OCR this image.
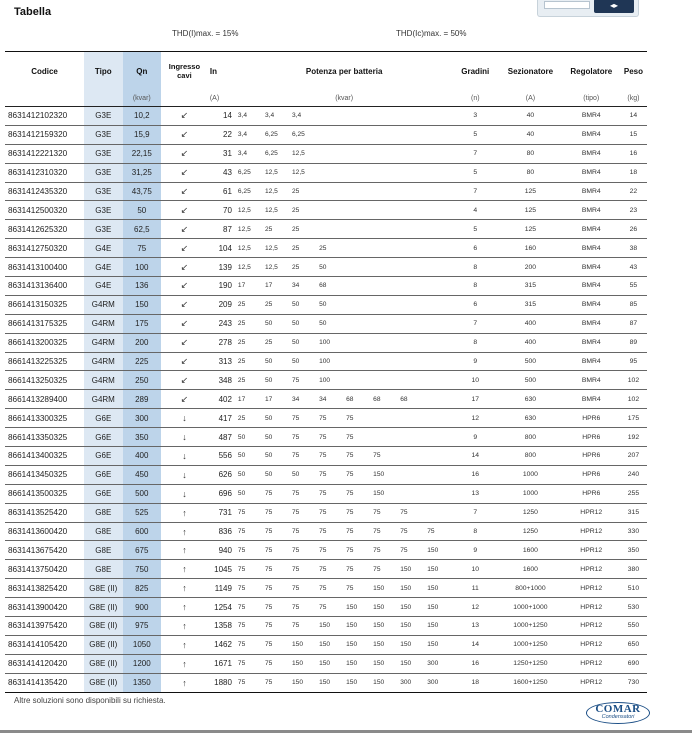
Tabella
◂▸
THD(I)max. = 15%	THD(Ic)max. = 50%
Codice	Tipo	Qn	Ingresso cavi	In	Potenza per batteria								Gradini	Sezionatore	Regolatore	Peso
		(kvar)		(A)	(kvar)								(n)	(A)	(tipo)	(kg)
8631412102320	G3E	10,2	↙	14	3,4	3,4	3,4						3	40	BMR4	14
8631412159320	G3E	15,9	↙	22	3,4	6,25	6,25						5	40	BMR4	15
8631412221320	G3E	22,15	↙	31	3,4	6,25	12,5						7	80	BMR4	16
8631412310320	G3E	31,25	↙	43	6,25	12,5	12,5						5	80	BMR4	18
8631412435320	G3E	43,75	↙	61	6,25	12,5	25						7	125	BMR4	22
8631412500320	G3E	50	↙	70	12,5	12,5	25						4	125	BMR4	23
8631412625320	G3E	62,5	↙	87	12,5	25	25						5	125	BMR4	26
8631412750320	G4E	75	↙	104	12,5	12,5	25	25					6	160	BMR4	38
8631413100400	G4E	100	↙	139	12,5	12,5	25	50					8	200	BMR4	43
8631413136400	G4E	136	↙	190	17	17	34	68					8	315	BMR4	55
8661413150325	G4RM	150	↙	209	25	25	50	50					6	315	BMR4	85
8661413175325	G4RM	175	↙	243	25	50	50	50					7	400	BMR4	87
8661413200325	G4RM	200	↙	278	25	25	50	100					8	400	BMR4	89
8661413225325	G4RM	225	↙	313	25	50	50	100					9	500	BMR4	95
8661413250325	G4RM	250	↙	348	25	50	75	100					10	500	BMR4	102
8661413289400	G4RM	289	↙	402	17	17	34	34	68	68	68		17	630	BMR4	102
8661413300325	G6E	300	↓	417	25	50	75	75	75				12	630	HPR6	175
8661413350325	G6E	350	↓	487	50	50	75	75	75				9	800	HPR6	192
8661413400325	G6E	400	↓	556	50	50	75	75	75	75			14	800	HPR6	207
8661413450325	G6E	450	↓	626	50	50	50	75	75	150			16	1000	HPR6	240
8661413500325	G6E	500	↓	696	50	75	75	75	75	150			13	1000	HPR6	255
8631413525420	G8E	525	↑	731	75	75	75	75	75	75	75		7	1250	HPR12	315
8631413600420	G8E	600	↑	836	75	75	75	75	75	75	75	75	8	1250	HPR12	330
8631413675420	G8E	675	↑	940	75	75	75	75	75	75	75	150	9	1600	HPR12	350
8631413750420	G8E	750	↑	1045	75	75	75	75	75	75	150	150	10	1600	HPR12	380
8631413825420	G8E (II)	825	↑	1149	75	75	75	75	75	150	150	150	11	800+1000	HPR12	510
8631413900420	G8E (II)	900	↑	1254	75	75	75	75	150	150	150	150	12	1000+1000	HPR12	530
8631413975420	G8E (II)	975	↑	1358	75	75	75	150	150	150	150	150	13	1000+1250	HPR12	550
8631414105420	G8E (II)	1050	↑	1462	75	75	150	150	150	150	150	150	14	1000+1250	HPR12	650
8631414120420	G8E (II)	1200	↑	1671	75	75	150	150	150	150	150	300	16	1250+1250	HPR12	690
8631414135420	G8E (II)	1350	↑	1880	75	75	150	150	150	150	300	300	18	1600+1250	HPR12	730
Altre soluzioni sono disponibili su richiesta.
COMAR
Condensatori
